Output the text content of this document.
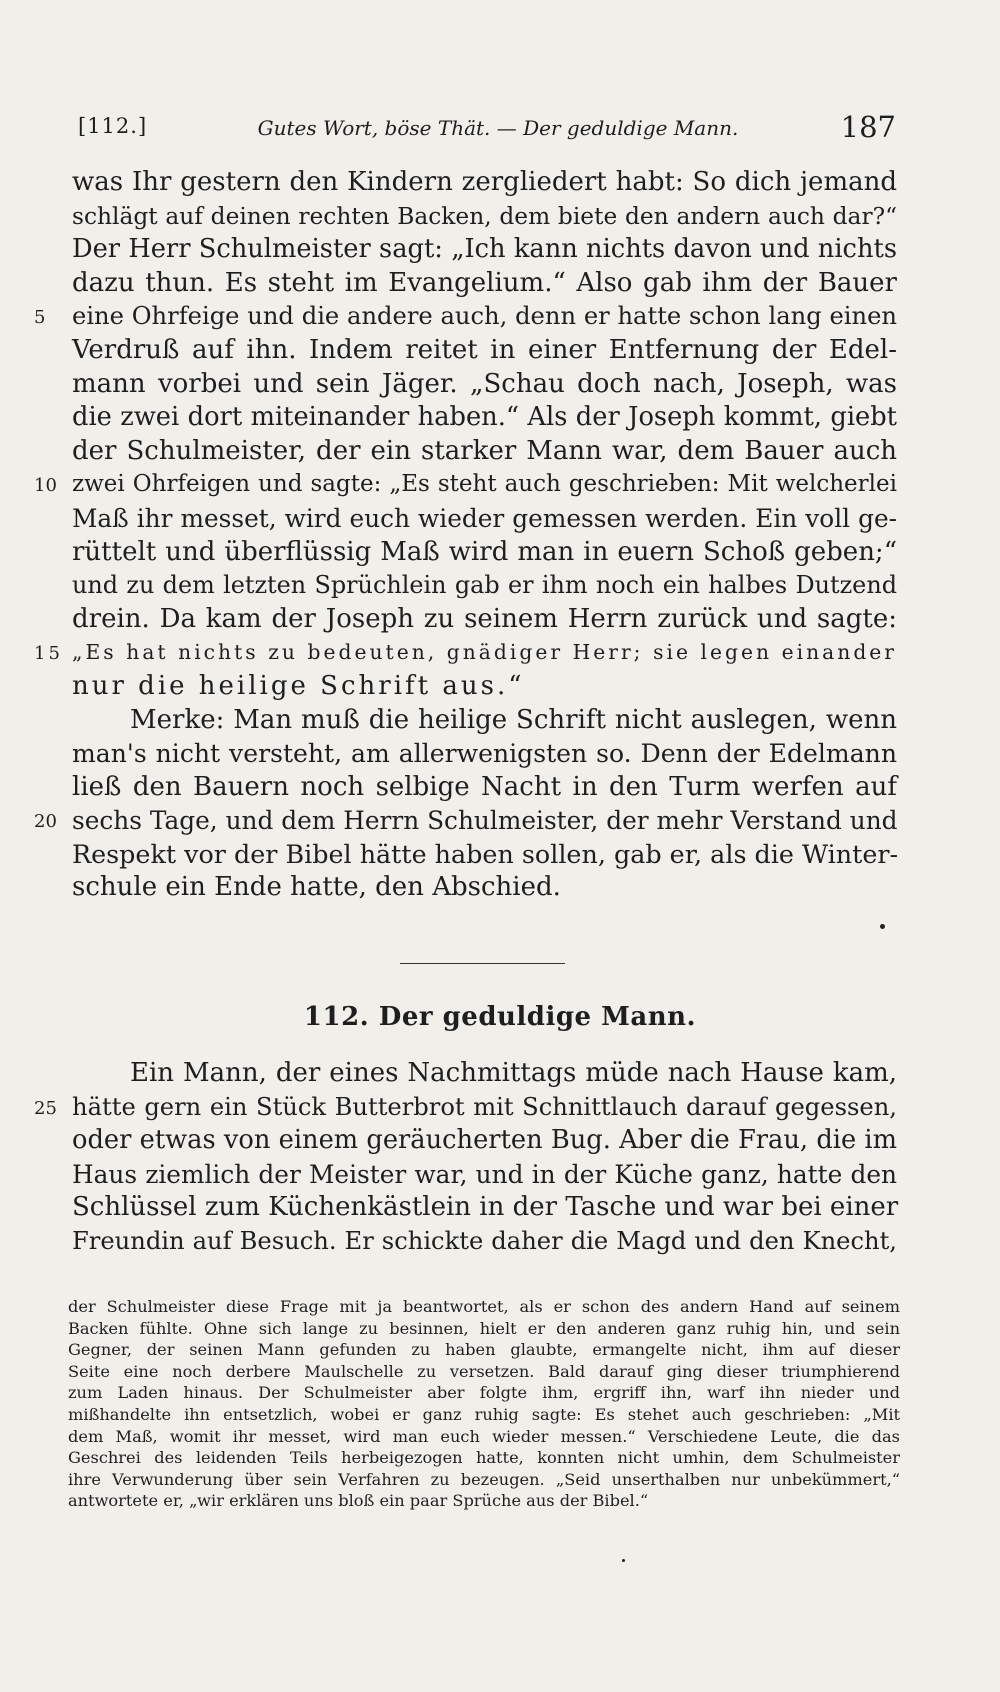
[112.]	Gutes Wort, böse Thät. — Der geduldige Mann.	187
was Ihr gestern den Kindern zergliedert habt: So dich jemand
schlägt auf deinen rechten Backen, dem biete den andern auch dar?“
Der Herr Schulmeister sagt: „Ich kann nichts davon und nichts
dazu thun. Es steht im Evangelium.“ Also gab ihm der Bauer
5	eine Ohrfeige und die andere auch, denn er hatte schon lang einen
Verdruß auf ihn. Indem reitet in einer Entfernung der Edel-
mann vorbei und sein Jäger. „Schau doch nach, Joseph, was
die zwei dort miteinander haben.“ Als der Joseph kommt, giebt
der Schulmeister, der ein starker Mann war, dem Bauer auch
10 zwei Ohrfeigen und sagte: „Es steht auch geschrieben: Mit welcherlei
Maß ihr messet, wird euch wieder gemessen werden. Ein voll ge-
rüttelt und überflüssig Maß wird man in euern Schoß geben;“
und zu dem letzten Sprüchlein gab er ihm noch ein halbes Dutzend
drein. Da kam der Joseph zu seinem Herrn zurück und sagte:
15 „Es hat nichts zu bedeuten, gnädiger Herr; sie legen einander
nur die heilige Schrift aus.“
Merke: Man muß die heilige Schrift nicht auslegen, wenn
man's nicht versteht, am allerwenigsten so. Denn der Edelmann
ließ den Bauern noch selbige Nacht in den Turm werfen auf
20 sechs Tage, und dem Herrn Schulmeister, der mehr Verstand und
Respekt vor der Bibel hätte haben sollen, gab er, als die Winter-
schule ein Ende hatte, den Abschied.
112. Der geduldige Mann.
Ein Mann, der eines Nachmittags müde nach Hause kam,
25 hätte gern ein Stück Butterbrot mit Schnittlauch darauf gegessen,
oder etwas von einem geräucherten Bug. Aber die Frau, die im
Haus ziemlich der Meister war, und in der Küche ganz, hatte den
Schlüssel zum Küchenkästlein in der Tasche und war bei einer
Freundin auf Besuch. Er schickte daher die Magd und den Knecht,
der Schulmeister diese Frage mit ja beantwortet, als er schon des andern Hand auf seinem
Backen fühlte. Ohne sich lange zu besinnen, hielt er den anderen ganz ruhig hin, und sein
Gegner, der seinen Mann gefunden zu haben glaubte, ermangelte nicht, ihm auf dieser
Seite eine noch derbere Maulschelle zu versetzen. Bald darauf ging dieser triumphierend
zum Laden hinaus. Der Schulmeister aber folgte ihm, ergriff ihn, warf ihn nieder und
mißhandelte ihn entsetzlich, wobei er ganz ruhig sagte: Es stehet auch geschrieben: „Mit
dem Maß, womit ihr messet, wird man euch wieder messen.“ Verschiedene Leute, die das
Geschrei des leidenden Teils herbeigezogen hatte, konnten nicht umhin, dem Schulmeister
ihre Verwunderung über sein Verfahren zu bezeugen. „Seid unserthalben nur unbekümmert,“
antwortete er, „wir erklären uns bloß ein paar Sprüche aus der Bibel.“
